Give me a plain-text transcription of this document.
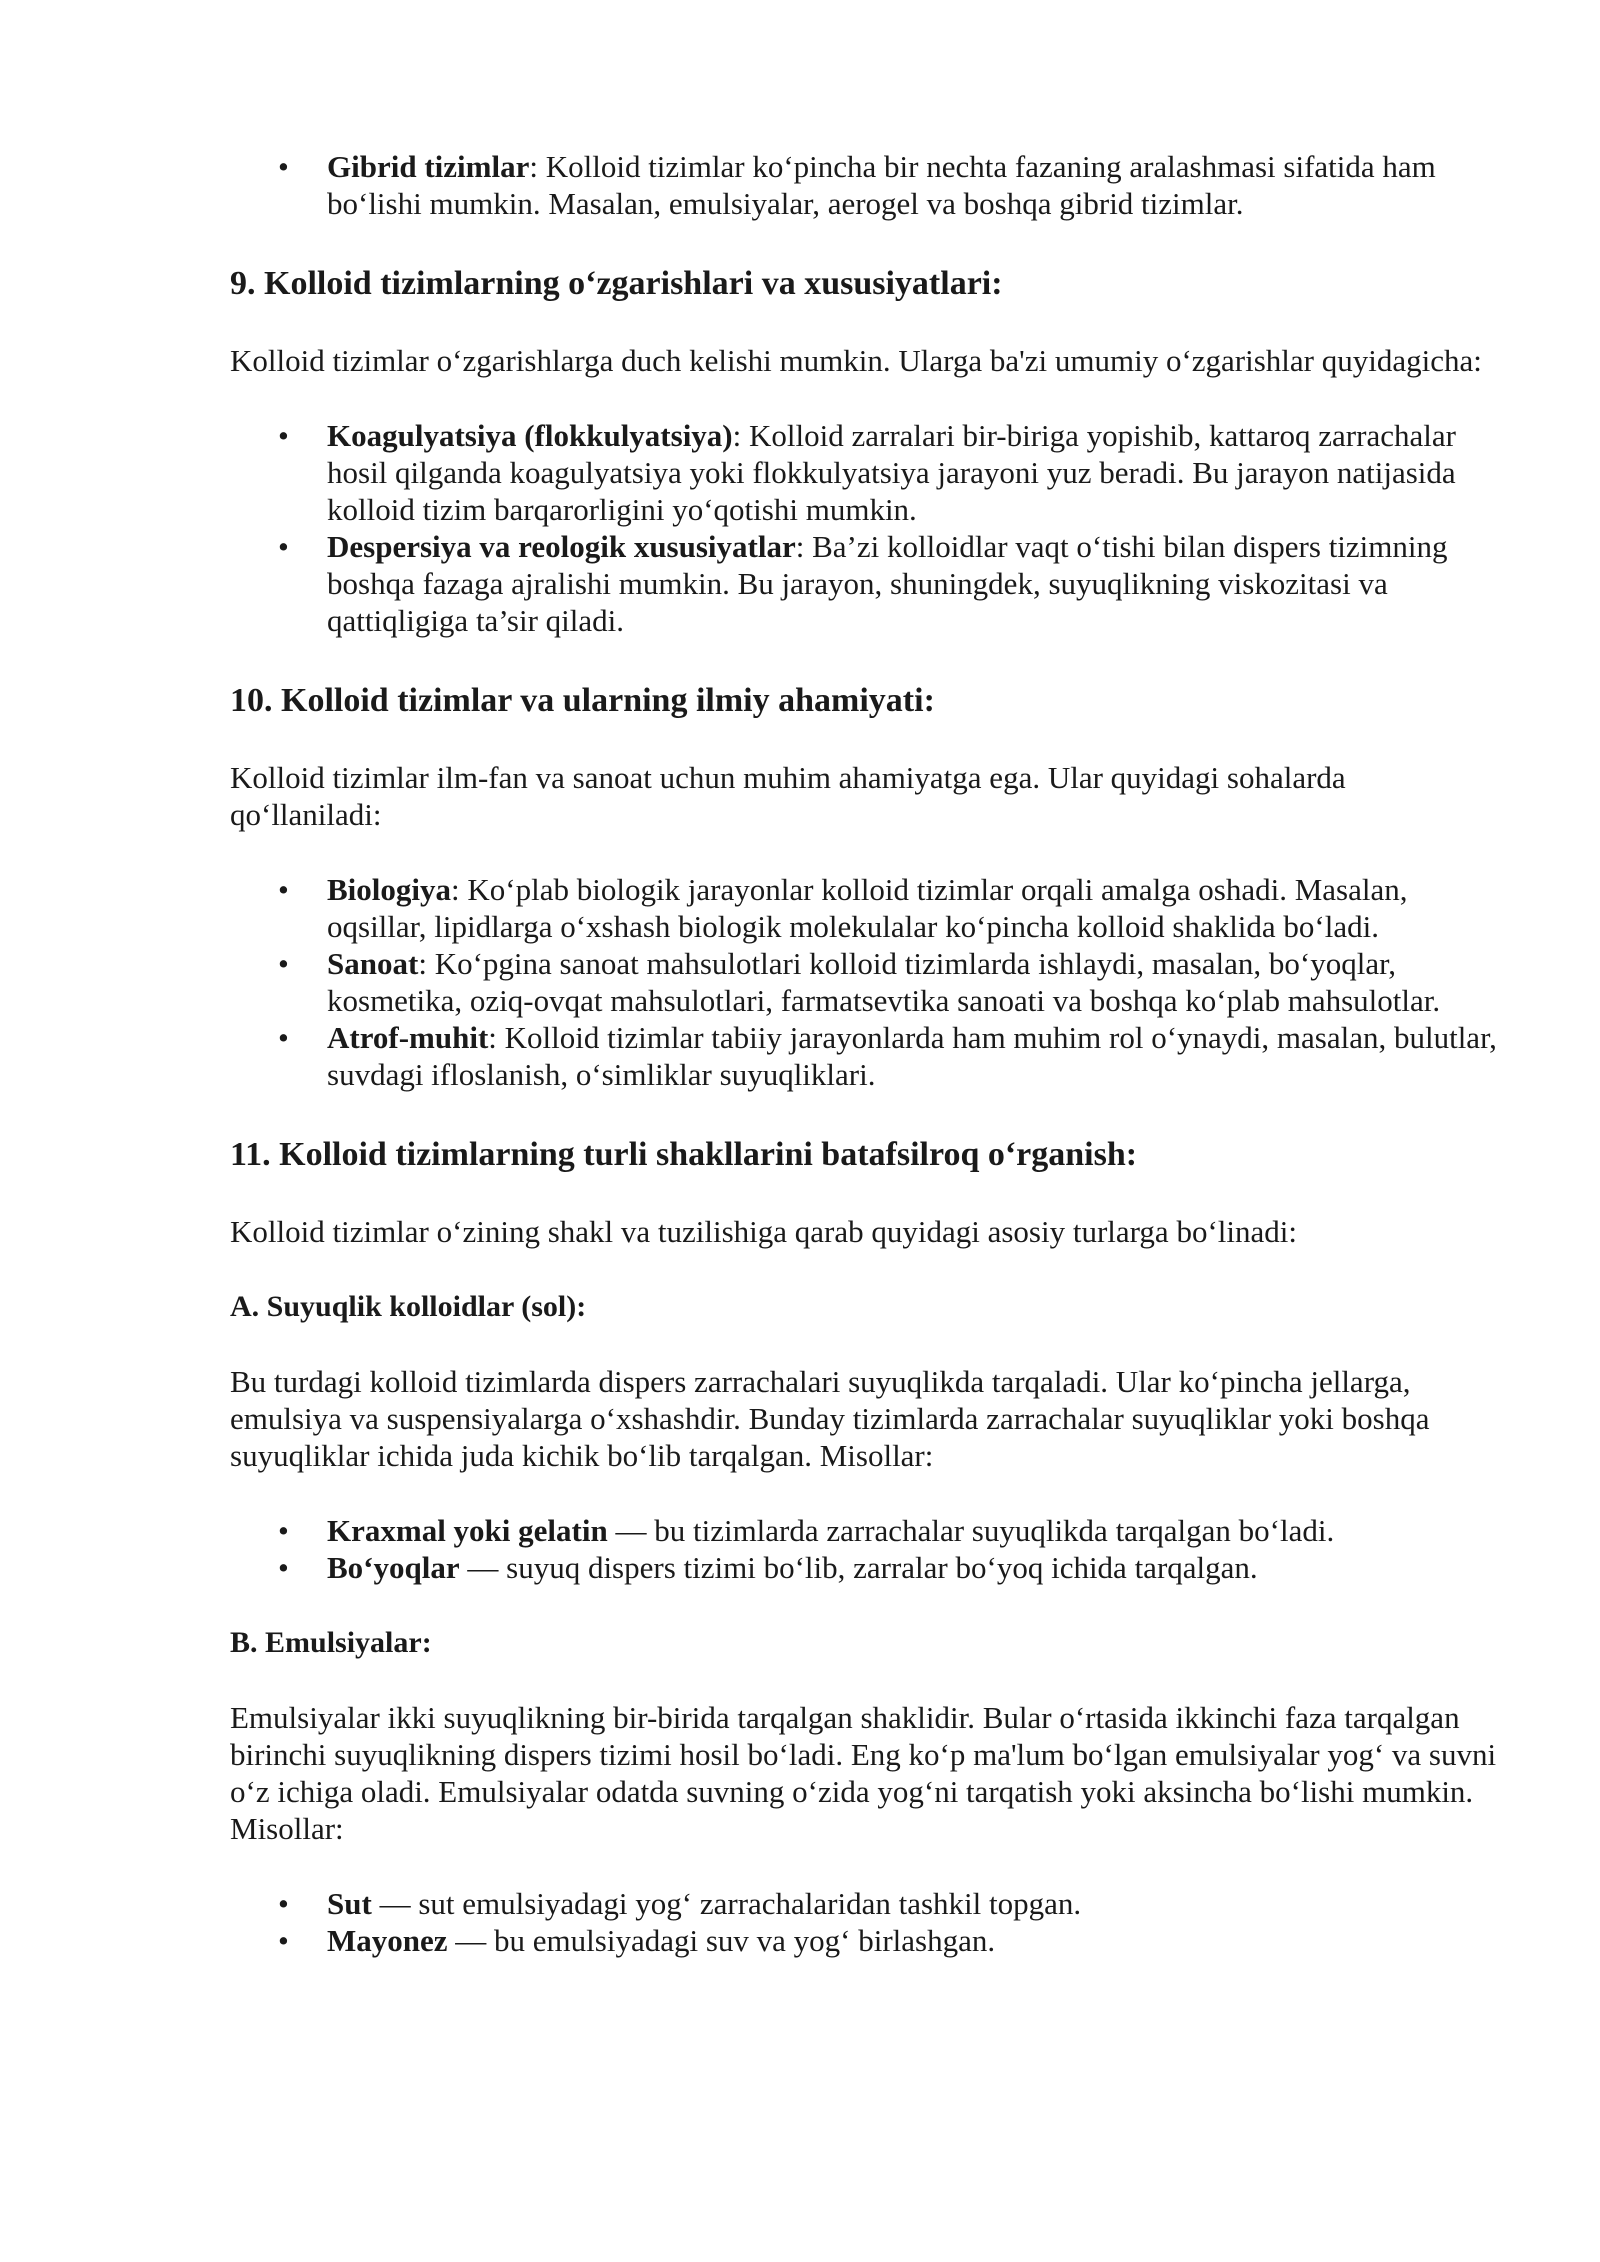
• Gibrid tizimlar: Kolloid tizimlar ko‘pincha bir nechta fazaning aralashmasi sifatida ham bo‘lishi mumkin. Masalan, emulsiyalar, aerogel va boshqa gibrid tizimlar.
9. Kolloid tizimlarning o‘zgarishlari va xususiyatlari:

Kolloid tizimlar o‘zgarishlarga duch kelishi mumkin. Ularga ba'zi umumiy o‘zgarishlar quyidagicha:

• Koagulyatsiya (flokkulyatsiya): Kolloid zarralari bir-biriga yopishib, kattaroq zarrachalar hosil qilganda koagulyatsiya yoki flokkulyatsiya jarayoni yuz beradi. Bu jarayon natijasida kolloid tizim barqarorligini yo‘qotishi mumkin.
• Despersiya va reologik xususiyatlar: Ba’zi kolloidlar vaqt o‘tishi bilan dispers tizimning boshqa fazaga ajralishi mumkin. Bu jarayon, shuningdek, suyuqlikning viskozitasi va qattiqligiga ta’sir qiladi.
10. Kolloid tizimlar va ularning ilmiy ahamiyati:

Kolloid tizimlar ilm-fan va sanoat uchun muhim ahamiyatga ega. Ular quyidagi sohalarda qo‘llaniladi:

• Biologiya: Ko‘plab biologik jarayonlar kolloid tizimlar orqali amalga oshadi. Masalan, oqsillar, lipidlarga o‘xshash biologik molekulalar ko‘pincha kolloid shaklida bo‘ladi.
• Sanoat: Ko‘pgina sanoat mahsulotlari kolloid tizimlarda ishlaydi, masalan, bo‘yoqlar, kosmetika, oziq-ovqat mahsulotlari, farmatsevtika sanoati va boshqa ko‘plab mahsulotlar.
• Atrof-muhit: Kolloid tizimlar tabiiy jarayonlarda ham muhim rol o‘ynaydi, masalan, bulutlar, suvdagi ifloslanish, o‘simliklar suyuqliklari.
11. Kolloid tizimlarning turli shakllarini batafsilroq o‘rganish:

Kolloid tizimlar o‘zining shakl va tuzilishiga qarab quyidagi asosiy turlarga bo‘linadi:

A. Suyuqlik kolloidlar (sol):

Bu turdagi kolloid tizimlarda dispers zarrachalari suyuqlikda tarqaladi. Ular ko‘pincha jellarga, emulsiya va suspensiyalarga o‘xshashdir. Bunday tizimlarda zarrachalar suyuqliklar yoki boshqa suyuqliklar ichida juda kichik bo‘lib tarqalgan. Misollar:

• Kraxmal yoki gelatin — bu tizimlarda zarrachalar suyuqlikda tarqalgan bo‘ladi.
• Bo‘yoqlar — suyuq dispers tizimi bo‘lib, zarralar bo‘yoq ichida tarqalgan.
B. Emulsiyalar:

Emulsiyalar ikki suyuqlikning bir-birida tarqalgan shaklidir. Bular o‘rtasida ikkinchi faza tarqalgan birinchi suyuqlikning dispers tizimi hosil bo‘ladi. Eng ko‘p ma'lum bo‘lgan emulsiyalar yog‘ va suvni o‘z ichiga oladi. Emulsiyalar odatda suvning o‘zida yog‘ni tarqatish yoki aksincha bo‘lishi mumkin. Misollar:

• Sut — sut emulsiyadagi yog‘ zarrachalaridan tashkil topgan.
• Mayonez — bu emulsiyadagi suv va yog‘ birlashgan.
